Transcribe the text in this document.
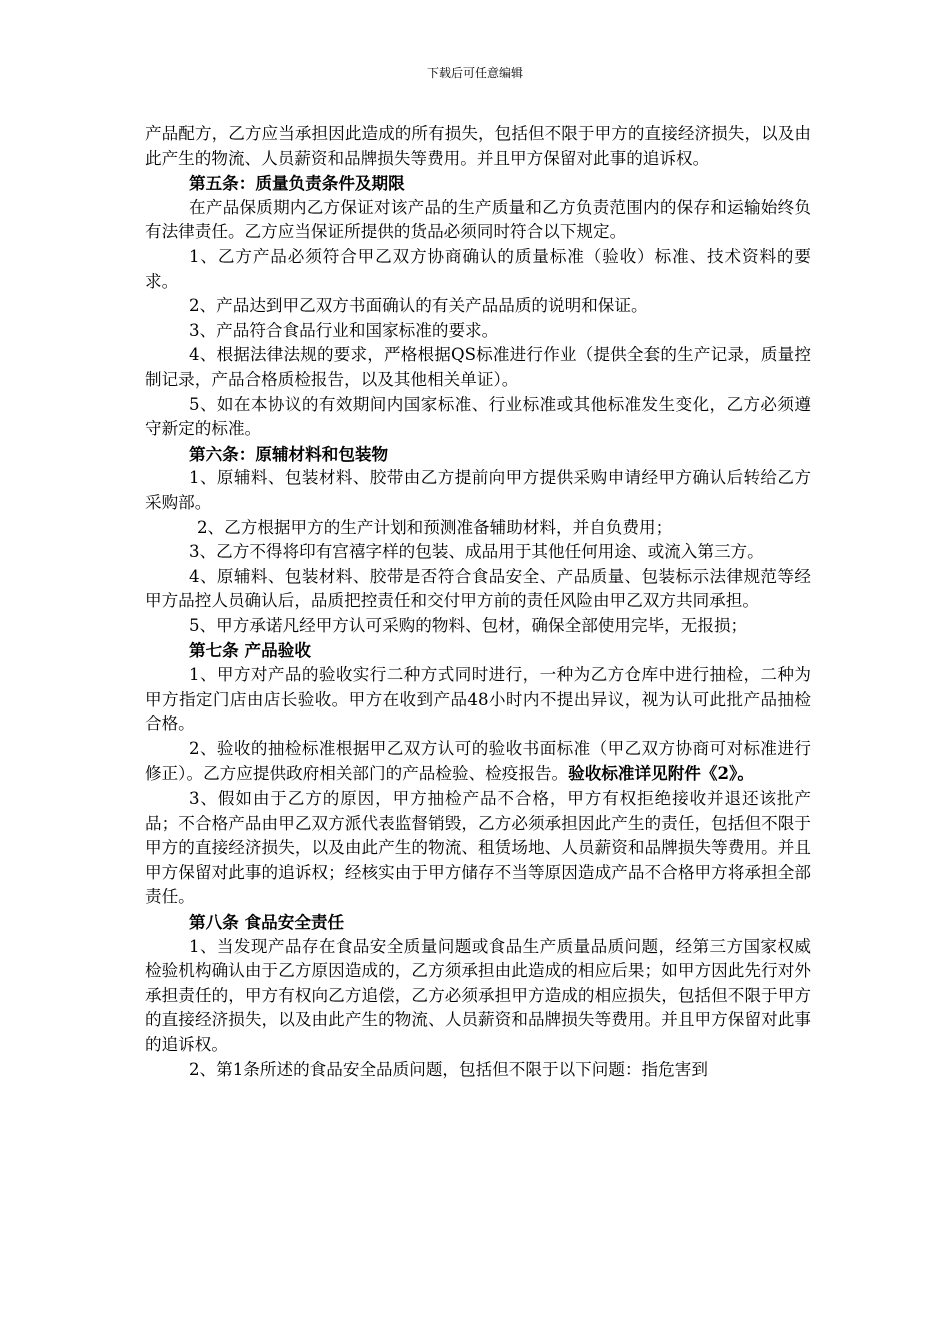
下载后可任意编辑

产品配方，乙方应当承担因此造成的所有损失，包括但不限于甲方的直接经济损失，以及由此产生的物流、人员薪资和品牌损失等费用。并且甲方保留对此事的追诉权。

第五条：质量负责条件及期限

在产品保质期内乙方保证对该产品的生产质量和乙方负责范围内的保存和运输始终负有法律责任。乙方应当保证所提供的货品必须同时符合以下规定。

1、乙方产品必须符合甲乙双方协商确认的质量标准（验收）标准、技术资料的要求。

2、产品达到甲乙双方书面确认的有关产品品质的说明和保证。

3、产品符合食品行业和国家标准的要求。

4、根据法律法规的要求，严格根据QS标准进行作业（提供全套的生产记录，质量控制记录，产品合格质检报告，以及其他相关单证）。

5、如在本协议的有效期间内国家标准、行业标准或其他标准发生变化，乙方必须遵守新定的标准。

第六条：原辅材料和包装物

1、原辅料、包装材料、胶带由乙方提前向甲方提供采购申请经甲方确认后转给乙方采购部。

2、乙方根据甲方的生产计划和预测准备辅助材料，并自负费用；

3、乙方不得将印有宫禧字样的包装、成品用于其他任何用途、或流入第三方。

4、原辅料、包装材料、胶带是否符合食品安全、产品质量、包装标示法律规范等经甲方品控人员确认后，品质把控责任和交付甲方前的责任风险由甲乙双方共同承担。

5、甲方承诺凡经甲方认可采购的物料、包材，确保全部使用完毕，无报损；

第七条 产品验收

1、甲方对产品的验收实行二种方式同时进行，一种为乙方仓库中进行抽检，二种为甲方指定门店由店长验收。甲方在收到产品48小时内不提出异议，视为认可此批产品抽检合格。

2、验收的抽检标准根据甲乙双方认可的验收书面标准（甲乙双方协商可对标准进行修正）。乙方应提供政府相关部门的产品检验、检疫报告。验收标准详见附件《2》。

3、假如由于乙方的原因，甲方抽检产品不合格，甲方有权拒绝接收并退还该批产品；不合格产品由甲乙双方派代表监督销毁，乙方必须承担因此产生的责任，包括但不限于甲方的直接经济损失，以及由此产生的物流、租赁场地、人员薪资和品牌损失等费用。并且甲方保留对此事的追诉权；经核实由于甲方储存不当等原因造成产品不合格甲方将承担全部责任。

第八条 食品安全责任

1、当发现产品存在食品安全质量问题或食品生产质量品质问题，经第三方国家权威检验机构确认由于乙方原因造成的，乙方须承担由此造成的相应后果；如甲方因此先行对外承担责任的，甲方有权向乙方追偿，乙方必须承担甲方造成的相应损失，包括但不限于甲方的直接经济损失，以及由此产生的物流、人员薪资和品牌损失等费用。并且甲方保留对此事的追诉权。

2、第1条所述的食品安全品质问题，包括但不限于以下问题：指危害到
